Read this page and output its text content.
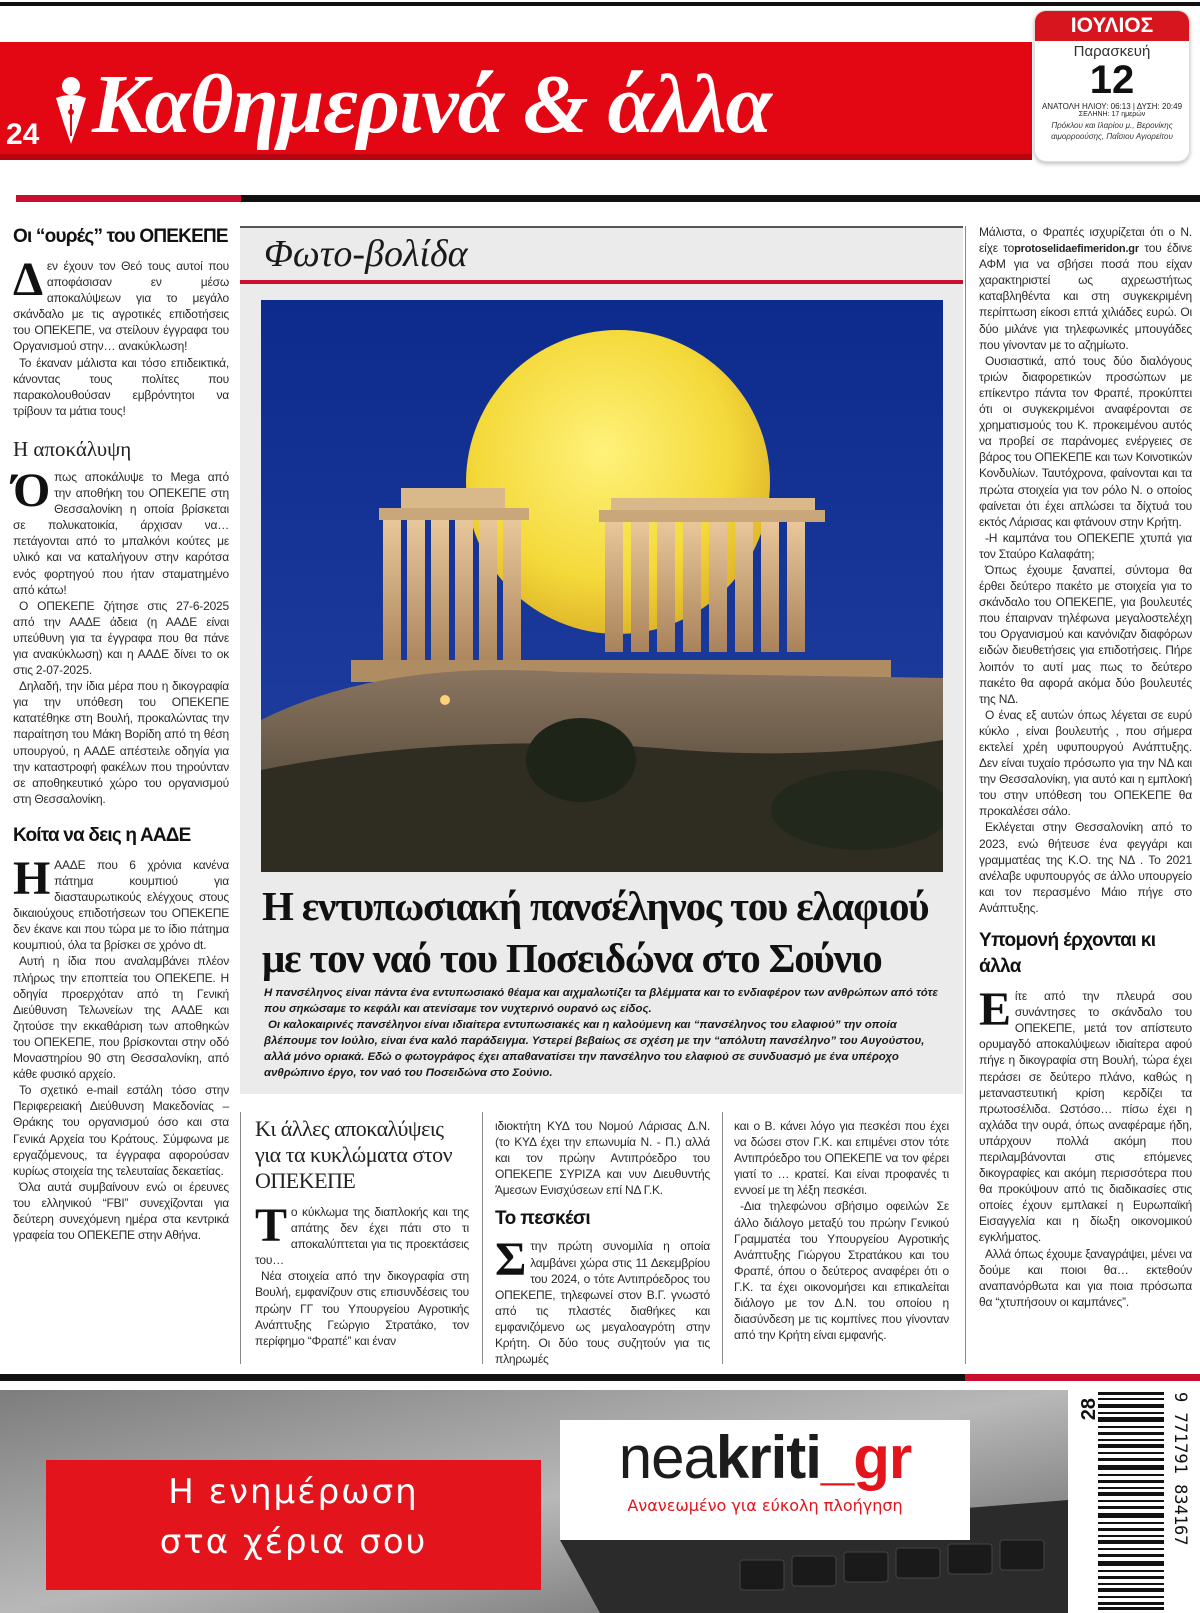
24 Καθημερινά & άλλα
ΙΟΥΛΙΟΣ
Παρασκευή
12
ΑΝΑΤΟΛΗ ΗΛΙΟΥ: 06:13 | ΔΥΣΗ: 20:49
ΣΕΛΗΝΗ: 17 ημερών
Πρόκλου και Ιλαρίου μ., Βερονίκης αιμορροούσης, Παΐσιου Αγιορείτου
Οι “ουρές” του ΟΠΕΚΕΠΕ

Δεν έχουν τον Θεό τους αυτοί που αποφάσισαν εν μέσω αποκαλύψεων για το μεγάλο σκάνδαλο με τις αγροτικές επιδοτήσεις του ΟΠΕΚΕΠΕ, να στείλουν έγγραφα του Οργανισμού στην… ανακύκλωση!

Το έκαναν μάλιστα και τόσο επιδεικτικά, κάνοντας τους πολίτες που παρακολουθούσαν εμβρόντητοι να τρίβουν τα μάτια τους!

Η αποκάλυψη

Όπως αποκάλυψε το Mega από την αποθήκη του ΟΠΕΚΕΠΕ στη Θεσσαλονίκη η οποία βρίσκεται σε πολυκατοικία, άρχισαν να… πετάγονται από το μπαλκόνι κούτες με υλικό και να καταλήγουν στην καρότσα ενός φορτηγού που ήταν σταματημένο από κάτω!

Ο ΟΠΕΚΕΠΕ ζήτησε στις 27-6-2025 από την ΑΑΔΕ άδεια (η ΑΑΔΕ είναι υπεύθυνη για τα έγγραφα που θα πάνε για ανακύκλωση) και η ΑΑΔΕ δίνει το οκ στις 2-07-2025.

Δηλαδή, την ίδια μέρα που η δικογραφία για την υπόθεση του ΟΠΕΚΕΠΕ κατατέθηκε στη Βουλή, προκαλώντας την παραίτηση του Μάκη Βορίδη από τη θέση υπουργού, η ΑΑΔΕ απέστειλε οδηγία για την καταστροφή φακέλων που τηρούνταν σε αποθηκευτικό χώρο του οργανισμού στη Θεσσαλονίκη.

Κοίτα να δεις η ΑΑΔΕ

ΗΑΑΔΕ που 6 χρόνια κανένα πάτημα κουμπιού για διασταυρωτικούς ελέγχους στους δικαιούχους επιδοτήσεων του ΟΠΕΚΕΠΕ δεν έκανε και που τώρα με το ίδιο πάτημα κουμπιού, όλα τα βρίσκει σε χρόνο dt.

Αυτή η ίδια που αναλαμβάνει πλέον πλήρως την εποπτεία του ΟΠΕΚΕΠΕ. Η οδηγία προερχόταν από τη Γενική Διεύθυνση Τελωνείων της ΑΑΔΕ και ζητούσε την εκκαθάριση των αποθηκών του ΟΠΕΚΕΠΕ, που βρίσκονται στην οδό Μοναστηρίου 90 στη Θεσσαλονίκη, από κάθε φυσικό αρχείο.

Το σχετικό e-mail εστάλη τόσο στην Περιφερειακή Διεύθυνση Μακεδονίας – Θράκης του οργανισμού όσο και στα Γενικά Αρχεία του Κράτους. Σύμφωνα με εργαζόμενους, τα έγγραφα αφορούσαν κυρίως στοιχεία της τελευταίας δεκαετίας.

Όλα αυτά συμβαίνουν ενώ οι έρευνες του ελληνικού “FBI” συνεχίζονται για δεύτερη συνεχόμενη ημέρα στα κεντρικά γραφεία του ΟΠΕΚΕΠΕ στην Αθήνα.

Φωτο-βολίδα
Η εντυπωσιακή πανσέληνος του ελαφιού με τον ναό του Ποσειδώνα στο Σούνιο

Η πανσέληνος είναι πάντα ένα εντυπωσιακό θέαμα και αιχμαλωτίζει τα βλέμματα και το ενδιαφέρον των ανθρώπων από τότε που σηκώσαμε το κεφάλι και ατενίσαμε τον νυχτερινό ουρανό ως είδος.

Οι καλοκαιρινές πανσέληνοι είναι ιδιαίτερα εντυπωσιακές και η καλούμενη και “πανσέληνος του ελαφιού” την οποία βλέπουμε τον Ιούλιο, είναι ένα καλό παράδειγμα. Υστερεί βεβαίως σε σχέση με την “απόλυτη πανσέληνο” του Αυγούστου, αλλά μόνο οριακά. Εδώ ο φωτογράφος έχει απαθανατίσει την πανσέληνο του ελαφιού σε συνδυασμό με ένα υπέροχο ανθρώπινο έργο, τον ναό του Ποσειδώνα στο Σούνιο.

Κι άλλες αποκαλύψεις για τα κυκλώματα στον ΟΠΕΚΕΠΕ

Το κύκλωμα της διαπλοκής και της απάτης δεν έχει πάτι στο τι αποκαλύπτεται για τις προεκτάσεις του…

Νέα στοιχεία από την δικογραφία στη Βουλή, εμφανίζουν στις επισυνδέσεις του πρώην ΓΓ του Υπουργείου Αγροτικής Ανάπτυξης Γεώργιο Στρατάκο, τον περίφημο “Φραπέ” και έναν

ιδιοκτήτη ΚΥΔ του Νομού Λάρισας Δ.Ν. (το ΚΥΔ έχει την επωνυμία Ν. - Π.) αλλά και τον πρώην Αντιπρόεδρο του ΟΠΕΚΕΠΕ ΣΥΡΙΖΑ και νυν Διευθυντής Άμεσων Ενισχύσεων επί ΝΔ Γ.Κ.

Το πεσκέσι

Στην πρώτη συνομιλία η οποία λαμβάνει χώρα στις 11 Δεκεμβρίου του 2024, ο τότε Αντιπρόεδρος του ΟΠΕΚΕΠΕ, τηλεφωνεί στον Β.Γ. γνωστό από τις πλαστές διαθήκες και εμφανιζόμενο ως μεγαλοαγρότη στην Κρήτη. Οι δύο τους συζητούν για τις πληρωμές

και ο Β. κάνει λόγο για πεσκέσι που έχει να δώσει στον Γ.Κ. και επιμένει στον τότε Αντιπρόεδρο του ΟΠΕΚΕΠΕ να τον φέρει γιατί το … κρατεί. Και είναι προφανές τι εννοεί με τη λέξη πεσκέσι.

-Δια τηλεφώνου σβήσιμο οφειλών Σε άλλο διάλογο μεταξύ του πρώην Γενικού Γραμματέα του Υπουργείου Αγροτικής Ανάπτυξης Γιώργου Στρατάκου και του Φραπέ, όπου ο δεύτερος αναφέρει ότι ο Γ.Κ. τα έχει οικονομήσει και επικαλείται διάλογο με τον Δ.Ν. του οποίου η διασύνδεση με τις κομπίνες που γίνονταν από την Κρήτη είναι εμφανής.

Μάλιστα, ο Φραπές ισχυρίζεται ότι ο Ν. είχε τοprotoselidaefimeridon.gr του έδινε ΑΦΜ για να σβήσει ποσά που είχαν χαρακτηριστεί ως αχρεωστήτως καταβληθέντα και στη συγκεκριμένη περίπτωση είκοσι επτά χιλιάδες ευρώ. Οι δύο μιλάνε για τηλεφωνικές μπουγάδες που γίνονταν με το αζημίωτο.

Ουσιαστικά, από τους δύο διαλόγους τριών διαφορετικών προσώπων με επίκεντρο πάντα τον Φραπέ, προκύπτει ότι οι συγκεκριμένοι αναφέρονται σε χρηματισμούς του Κ. προκειμένου αυτός να προβεί σε παράνομες ενέργειες σε βάρος του ΟΠΕΚΕΠΕ και των Κοινοτικών Κονδυλίων. Ταυτόχρονα, φαίνονται και τα πρώτα στοιχεία για τον ρόλο Ν. ο οποίος φαίνεται ότι έχει απλώσει τα δίχτυά του εκτός Λάρισας και φτάνουν στην Κρήτη.

-Η καμπάνα του ΟΠΕΚΕΠΕ χτυπά για τον Σταύρο Καλαφάτη;

Όπως έχουμε ξαναπεί, σύντομα θα έρθει δεύτερο πακέτο με στοιχεία για το σκάνδαλο του ΟΠΕΚΕΠΕ, για βουλευτές που έπαιρναν τηλέφωνα μεγαλοστελέχη του Οργανισμού και κανόνιζαν διαφόρων ειδών διευθετήσεις για επιδοτήσεις. Πήρε λοιπόν το αυτί μας πως το δεύτερο πακέτο θα αφορά ακόμα δύο βουλευτές της ΝΔ.

Ο ένας εξ αυτών όπως λέγεται σε ευρύ κύκλο , είναι βουλευτής , που σήμερα εκτελεί χρέη υφυπουργού Ανάπτυξης. Δεν είναι τυχαίο πρόσωπο για την ΝΔ και την Θεσσαλονίκη, για αυτό και η εμπλοκή του στην υπόθεση του ΟΠΕΚΕΠΕ θα προκαλέσει σάλο.

Εκλέγεται στην Θεσσαλονίκη από το 2023, ενώ θήτευσε ένα φεγγάρι και γραμματέας της Κ.Ο. της ΝΔ . Το 2021 ανέλαβε υφυπουργός σε άλλο υπουργείο και τον περασμένο Μάιο πήγε στο Ανάπτυξης.

Υπομονή έρχονται κι άλλα

Είτε από την πλευρά σου συνάντησες το σκάνδαλο του ΟΠΕΚΕΠΕ, μετά τον απίστευτο ορυμαγδό αποκαλύψεων ιδιαίτερα αφού πήγε η δικογραφία στη Βουλή, τώρα έχει περάσει σε δεύτερο πλάνο, καθώς η μεταναστευτική κρίση κερδίζει τα πρωτοσέλιδα. Ωστόσο… πίσω έχει η αχλάδα την ουρά, όπως αναφέραμε ήδη, υπάρχουν πολλά ακόμη που περιλαμβάνονται στις επόμενες δικογραφίες και ακόμη περισσότερα που θα προκύψουν από τις διαδικασίες στις οποίες έχουν εμπλακεί η Ευρωπαϊκή Εισαγγελία και η δίωξη οικονομικού εγκλήματος.

Αλλά όπως έχουμε ξαναγράψει, μένει να δούμε και ποιοι θα… εκτεθούν αναπανόρθωτα και για ποια πρόσωπα θα “χτυπήσουν οι καμπάνες”.

Η ενημέρωση
στα χέρια σου
neakriti_gr
Ανανεωμένο για εύκολη πλοήγηση
28	9 771791 834167
